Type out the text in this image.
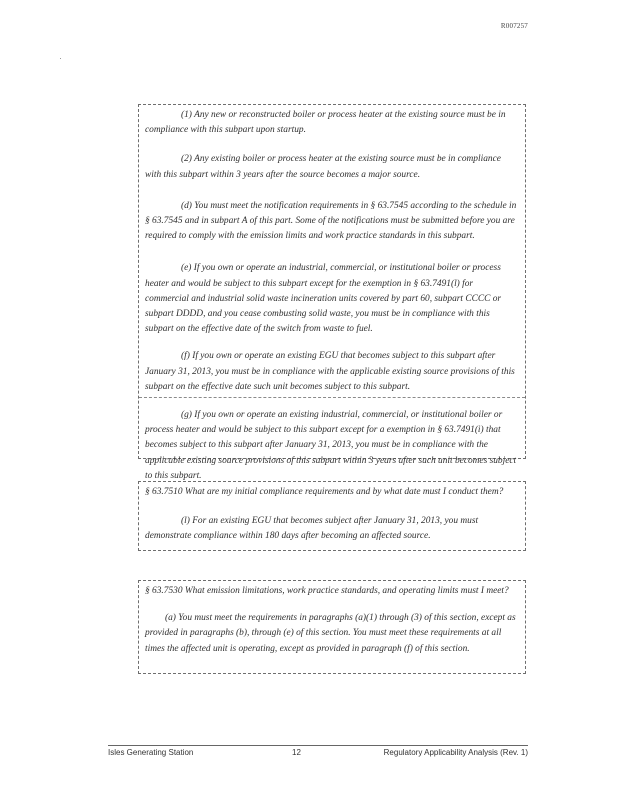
R007257

(1) Any new or reconstructed boiler or process heater at the existing source must be in compliance with this subpart upon startup.

(2) Any existing boiler or process heater at the existing source must be in compliance with this subpart within 3 years after the source becomes a major source.

(d) You must meet the notification requirements in § 63.7545 according to the schedule in § 63.7545 and in subpart A of this part. Some of the notifications must be submitted before you are required to comply with the emission limits and work practice standards in this subpart.

(e) If you own or operate an industrial, commercial, or institutional boiler or process heater and would be subject to this subpart except for the exemption in § 63.7491(l) for commercial and industrial solid waste incineration units covered by part 60, subpart CCCC or subpart DDDD, and you cease combusting solid waste, you must be in compliance with this subpart on the effective date of the switch from waste to fuel.

(f) If you own or operate an existing EGU that becomes subject to this subpart after January 31, 2013, you must be in compliance with the applicable existing source provisions of this subpart on the effective date such unit becomes subject to this subpart.

(g) If you own or operate an existing industrial, commercial, or institutional boiler or process heater and would be subject to this subpart except for a exemption in § 63.7491(i) that becomes subject to this subpart after January 31, 2013, you must be in compliance with the applicable existing source provisions of this subpart within 3 years after such unit becomes subject to this subpart.

§ 63.7510 What are my initial compliance requirements and by what date must I conduct them?

(l) For an existing EGU that becomes subject after January 31, 2013, you must demonstrate compliance within 180 days after becoming an affected source.

§ 63.7530 What emission limitations, work practice standards, and operating limits must I meet?

(a) You must meet the requirements in paragraphs (a)(1) through (3) of this section, except as provided in paragraphs (b), through (e) of this section. You must meet these requirements at all times the affected unit is operating, except as provided in paragraph (f) of this section.

Isles Generating Station	12	Regulatory Applicability Analysis (Rev. 1)
